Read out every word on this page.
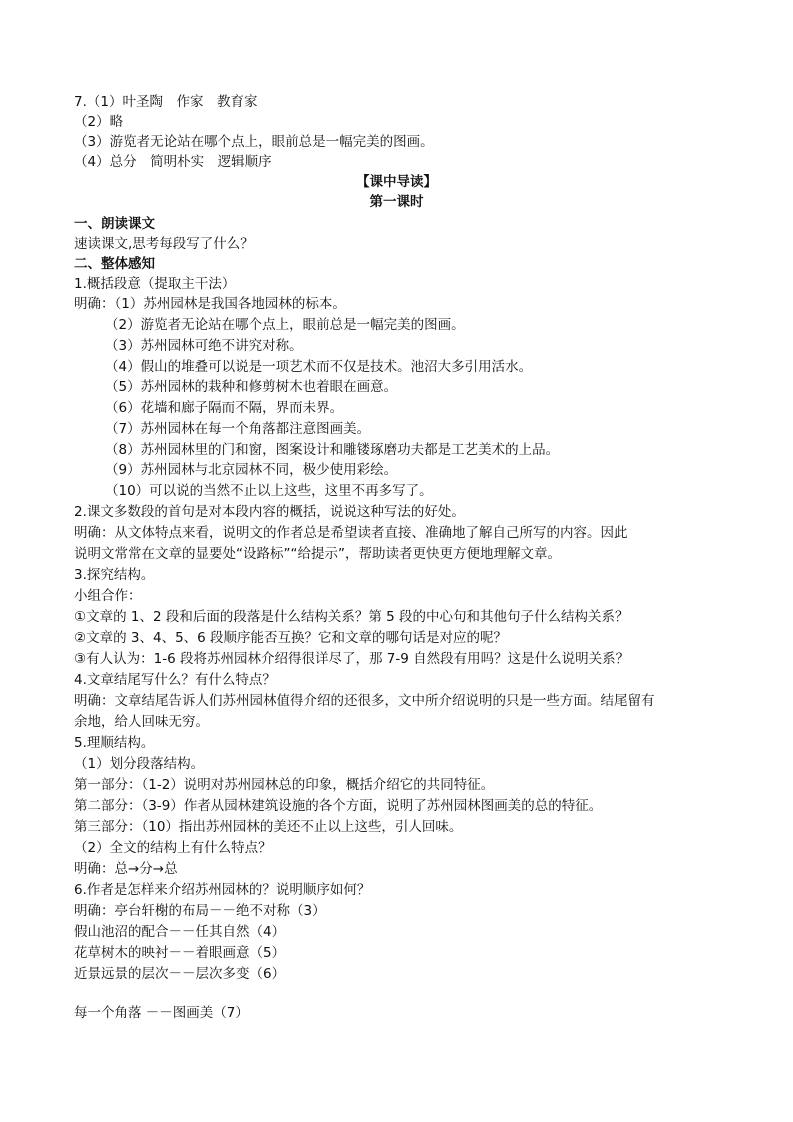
7.（1）叶圣陶　作家　教育家
（2）略
（3）游览者无论站在哪个点上，眼前总是一幅完美的图画。
（4）总分　简明朴实　逻辑顺序
【课中导读】
第一课时
一、朗读课文
速读课文,思考每段写了什么？
二、整体感知
1.概括段意（提取主干法）
明确：（1）苏州园林是我国各地园林的标本。
（2）游览者无论站在哪个点上，眼前总是一幅完美的图画。
（3）苏州园林可绝不讲究对称。
（4）假山的堆叠可以说是一项艺术而不仅是技术。池沼大多引用活水。
（5）苏州园林的栽种和修剪树木也着眼在画意。
（6）花墙和廊子隔而不隔，界而未界。
（7）苏州园林在每一个角落都注意图画美。
（8）苏州园林里的门和窗，图案设计和雕镂琢磨功夫都是工艺美术的上品。
（9）苏州园林与北京园林不同，极少使用彩绘。
（10）可以说的当然不止以上这些，这里不再多写了。
2.课文多数段的首句是对本段内容的概括，说说这种写法的好处。
明确：从文体特点来看，说明文的作者总是希望读者直接、准确地了解自己所写的内容。因此
说明文常常在文章的显要处“设路标”“给提示”，帮助读者更快更方便地理解文章。
3.探究结构。
小组合作：
①文章的 1、2 段和后面的段落是什么结构关系？第 5 段的中心句和其他句子什么结构关系？
②文章的 3、4、5、6 段顺序能否互换？它和文章的哪句话是对应的呢？
③有人认为：1-6 段将苏州园林介绍得很详尽了，那 7-9 自然段有用吗？这是什么说明关系？
4.文章结尾写什么？有什么特点？
明确：文章结尾告诉人们苏州园林值得介绍的还很多，文中所介绍说明的只是一些方面。结尾留有
余地，给人回味无穷。
5.理顺结构。
（1）划分段落结构。
第一部分：（1-2）说明对苏州园林总的印象，概括介绍它的共同特征。
第二部分：（3-9）作者从园林建筑设施的各个方面，说明了苏州园林图画美的总的特征。
第三部分：（10）指出苏州园林的美还不止以上这些，引人回味。
（2）全文的结构上有什么特点？
明确：总→分→总
6.作者是怎样来介绍苏州园林的？说明顺序如何？
明确：亭台轩榭的布局－－绝不对称（3）
假山池沼的配合－－任其自然（4）
花草树木的映衬－－着眼画意（5）
近景远景的层次－－层次多变（6）
每一个角落 －－图画美（7）
